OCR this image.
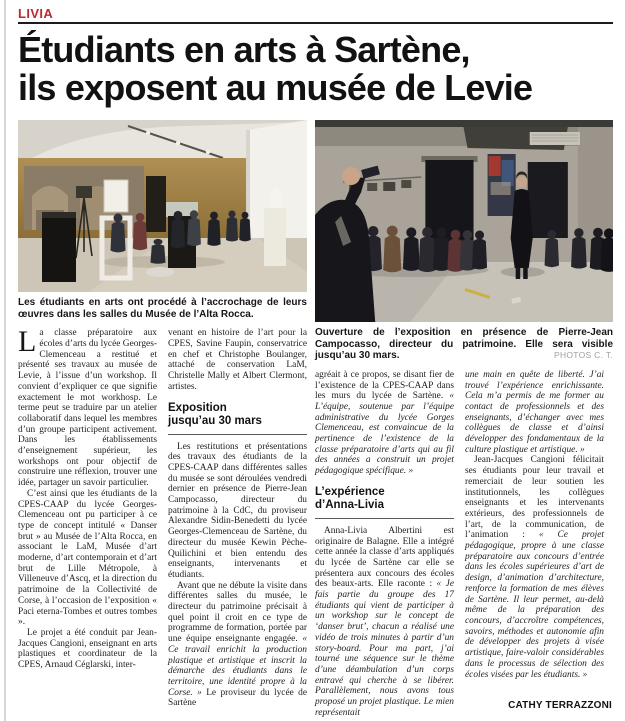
LIVIA
Étudiants en arts à Sartène,
ils exposent au musée de Levie
Les étudiants en arts ont procédé à l’accrochage de leurs œuvres dans les salles du Musée de l’Alta Rocca.

La classe préparatoire aux écoles d’arts du lycée Georges-Clemenceau a restitué et présenté ses travaux au musée de Levie, à l’issue d’un workshop. Il convient d’expliquer ce que signifie exactement le mot workhosp. Le terme peut se traduire par un atelier collaboratif dans lequel les membres d’un groupe participent activement. Dans les établissements d’enseignement supérieur, les workshops ont pour objectif de construire une réflexion, trouver une idée, partager un savoir particulier.

C’est ainsi que les étudiants de la CPES-CAAP du lycée Georges-Clemenceau ont pu participer à ce type de concept intitulé « Danser brut » au Musée de l’Alta Rocca, en associant le LaM, Musée d’art moderne, d’art contemporain et d’art brut de Lille Métropole, à Villeneuve d’Ascq, et la direction du patrimoine de la Collectivité de Corse, à l’occasion de l’exposition « Paci eterna-Tombes et outres tombes ».

Le projet a été conduit par Jean-Jacques Cangioni, enseignant en arts plastiques et coordinateur de la CPES, Arnaud Céglarski, inter-

venant en histoire de l’art pour la CPES, Savine Faupin, conservatrice en chef et Christophe Boulanger, attaché de conservation LaM, Christelle Mally et Albert Clermont, artistes.

Exposition
jusqu’au 30 mars

Les restitutions et présentations des travaux des étudiants de la CPES-CAAP dans différentes salles du musée se sont déroulées vendredi dernier en présence de Pierre-Jean Campocasso, directeur du patrimoine à la CdC, du proviseur Alexandre Sidin-Benedetti du lycée Georges-Clemenceau de Sartène, du directeur du musée Kewin Pèche-Quilichini et bien entendu des enseignants, intervenants et étudiants.

Avant que ne débute la visite dans différentes salles du musée, le directeur du patrimoine précisait à quel point il croit en ce type de programme de formation, portée par une équipe enseignante engagée. « Ce travail enrichit la production plastique et artistique et inscrit la démarche des étudiants dans le territoire, une identité propre à la Corse. » Le proviseur du lycée de Sartène

Ouverture de l’exposition en présence de Pierre-Jean Campocasso, directeur du patrimoine. Elle sera visible jusqu’au 30 mars.	PHOTOS C. T.

agréait à ce propos, se disant fier de l’existence de la CPES-CAAP dans les murs du lycée de Sartène. « L’équipe, soutenue par l’équipe administrative du lycée Gorges Clemenceau, est convaincue de la pertinence de l’existence de la classe préparatoire d’arts qui au fil des années a construit un projet pédagogique spécifique. »

L’expérience
d’Anna-Livia

Anna-Livia Albertini est originaire de Balagne. Elle a intégré cette année la classe d’arts appliqués du lycée de Sartène car elle se présentera aux concours des écoles des beaux-arts. Elle raconte : « Je fais partie du groupe des 17 étudiants qui vient de participer à un workshop sur le concept de ‘danser brut’, chacun a réalisé une vidéo de trois minutes à partir d’un story-board. Pour ma part, j’ai tourné une séquence sur le thème d’une déambulation d’un corps entravé qui cherche à se libérer. Parallèlement, nous avons tous proposé un projet plastique. Le mien représentait

une main en quête de liberté. J’ai trouvé l’expérience enrichissante. Cela m’a permis de me former au contact de professionnels et des enseignants, d’échanger avec mes collègues de classe et d’ainsi développer des fondamentaux de la culture plastique et artistique. »

Jean-Jacques Cangioni félicitait ses étudiants pour leur travail et remerciait de leur soutien les institutionnels, les collègues enseignants et les intervenants extérieurs, des professionnels de l’art, de la communication, de l’animation : « Ce projet pédagogique, propre à une classe préparatoire aux concours d’entrée dans les écoles supérieures d’art de design, d’animation d’architecture, renforce la formation de mes élèves de Sartène. Il leur permet, au-delà même de la préparation des concours, d’accroître compétences, savoirs, méthodes et autonomie afin de développer des projets à visée artistique, faire-valoir considérables dans le processus de sélection des écoles visées par les étudiants. »

CATHY TERRAZZONI
